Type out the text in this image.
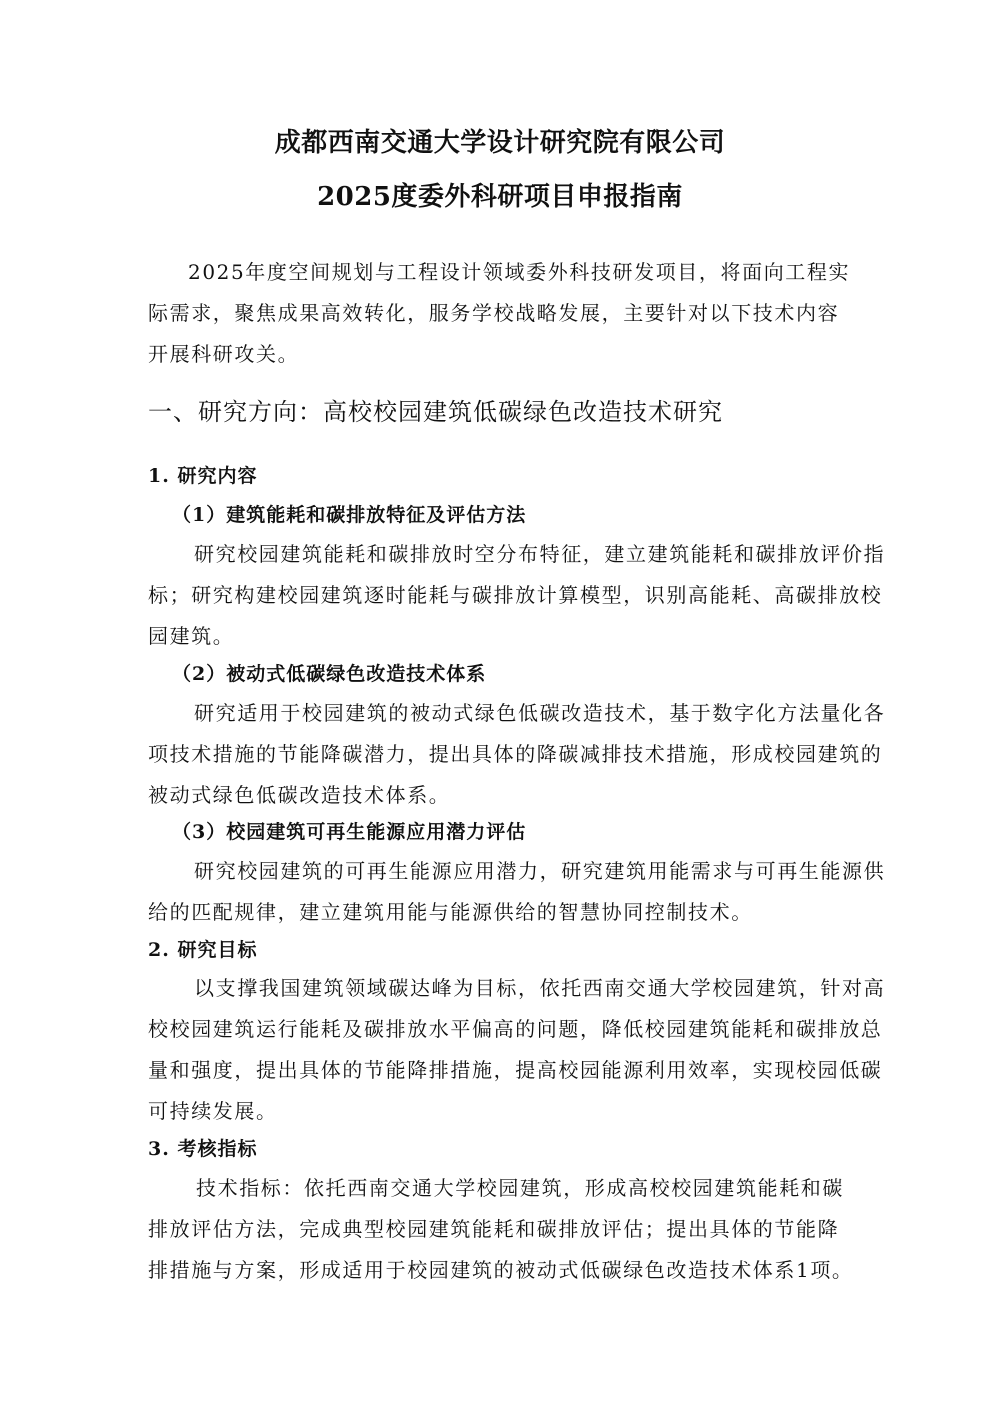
成都西南交通大学设计研究院有限公司
2025度委外科研项目申报指南
2025年度空间规划与工程设计领域委外科技研发项目，将面向工程实
际需求，聚焦成果高效转化，服务学校战略发展，主要针对以下技术内容
开展科研攻关。
一、研究方向：高校校园建筑低碳绿色改造技术研究
1. 研究内容
（1）建筑能耗和碳排放特征及评估方法
研究校园建筑能耗和碳排放时空分布特征，建立建筑能耗和碳排放评价指
标；研究构建校园建筑逐时能耗与碳排放计算模型，识别高能耗、高碳排放校
园建筑。
（2）被动式低碳绿色改造技术体系
研究适用于校园建筑的被动式绿色低碳改造技术，基于数字化方法量化各
项技术措施的节能降碳潜力，提出具体的降碳减排技术措施，形成校园建筑的
被动式绿色低碳改造技术体系。
（3）校园建筑可再生能源应用潜力评估
研究校园建筑的可再生能源应用潜力，研究建筑用能需求与可再生能源供
给的匹配规律，建立建筑用能与能源供给的智慧协同控制技术。
2. 研究目标
以支撑我国建筑领域碳达峰为目标，依托西南交通大学校园建筑，针对高
校校园建筑运行能耗及碳排放水平偏高的问题，降低校园建筑能耗和碳排放总
量和强度，提出具体的节能降排措施，提高校园能源利用效率，实现校园低碳
可持续发展。
3. 考核指标
技术指标：依托西南交通大学校园建筑，形成高校校园建筑能耗和碳
排放评估方法，完成典型校园建筑能耗和碳排放评估；提出具体的节能降
排措施与方案，形成适用于校园建筑的被动式低碳绿色改造技术体系1项。
